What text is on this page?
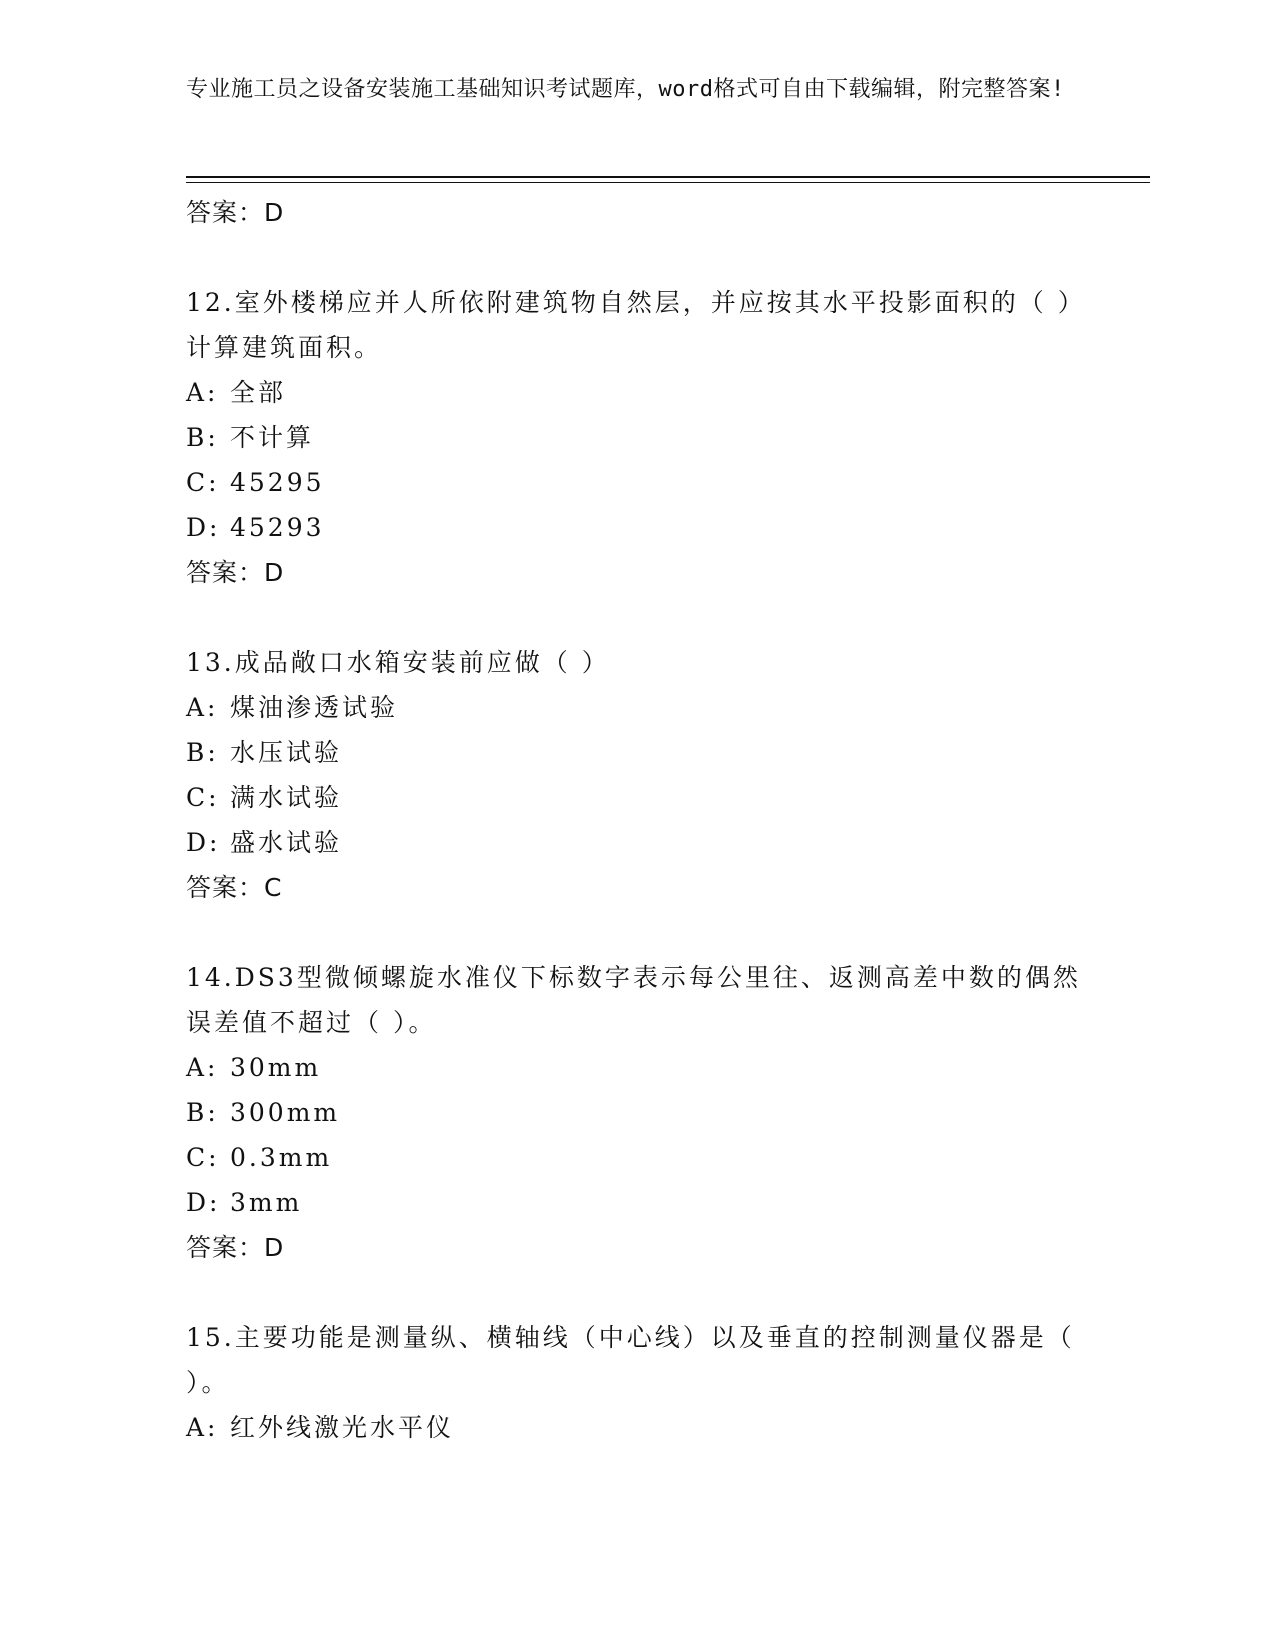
专业施工员之设备安装施工基础知识考试题库，word格式可自由下载编辑，附完整答案!
答案：D
12.室外楼梯应并人所依附建筑物自然层，并应按其水平投影面积的（ ）计算建筑面积。
A: 全部
B: 不计算
C: 45295
D: 45293
答案：D
13.成品敞口水箱安装前应做（ ）
A: 煤油渗透试验
B: 水压试验
C: 满水试验
D: 盛水试验
答案：C
14.DS3型微倾螺旋水准仪下标数字表示每公里往、返测高差中数的偶然误差值不超过（ ）。
A: 30mm
B: 300mm
C: 0.3mm
D: 3mm
答案：D
15.主要功能是测量纵、横轴线（中心线）以及垂直的控制测量仪器是（ ）。
A: 红外线激光水平仪
